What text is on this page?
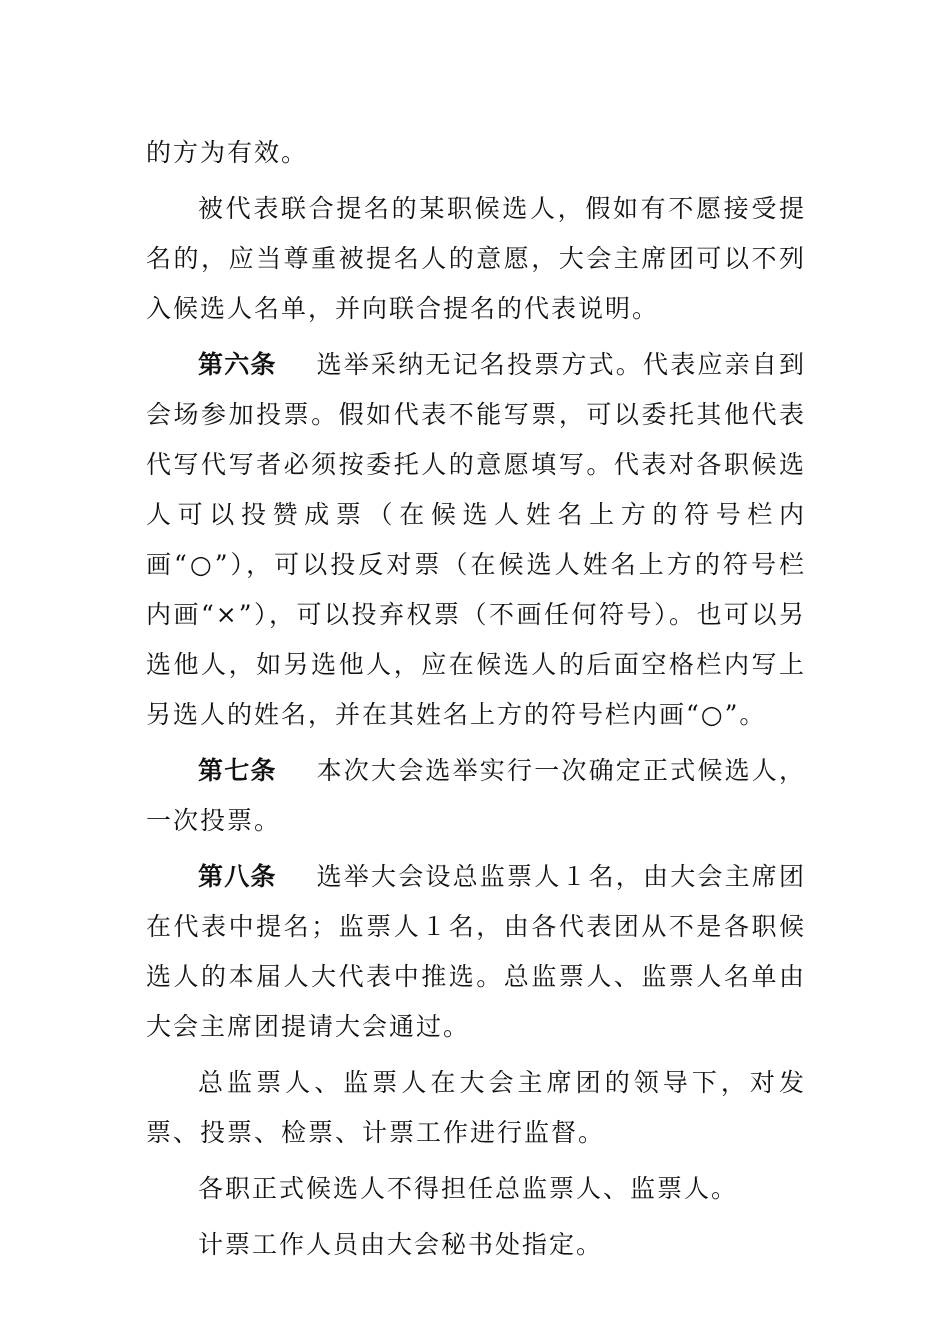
的方为有效。

被代表联合提名的某职候选人，假如有不愿接受提名的，应当尊重被提名人的意愿，大会主席团可以不列入候选人名单，并向联合提名的代表说明。

第六条 选举采纳无记名投票方式。代表应亲自到会场参加投票。假如代表不能写票，可以委托其他代表代写代写者必须按委托人的意愿填写。代表对各职候选人可以投赞成票（在候选人姓名上方的符号栏内画“○”），可以投反对票（在候选人姓名上方的符号栏内画“×”），可以投弃权票（不画任何符号）。也可以另选他人，如另选他人，应在候选人的后面空格栏内写上另选人的姓名，并在其姓名上方的符号栏内画“○”。

第七条 本次大会选举实行一次确定正式候选人，一次投票。

第八条 选举大会设总监票人１名，由大会主席团在代表中提名；监票人１名，由各代表团从不是各职候选人的本届人大代表中推选。总监票人、监票人名单由大会主席团提请大会通过。

总监票人、监票人在大会主席团的领导下，对发票、投票、检票、计票工作进行监督。

各职正式候选人不得担任总监票人、监票人。

计票工作人员由大会秘书处指定。
